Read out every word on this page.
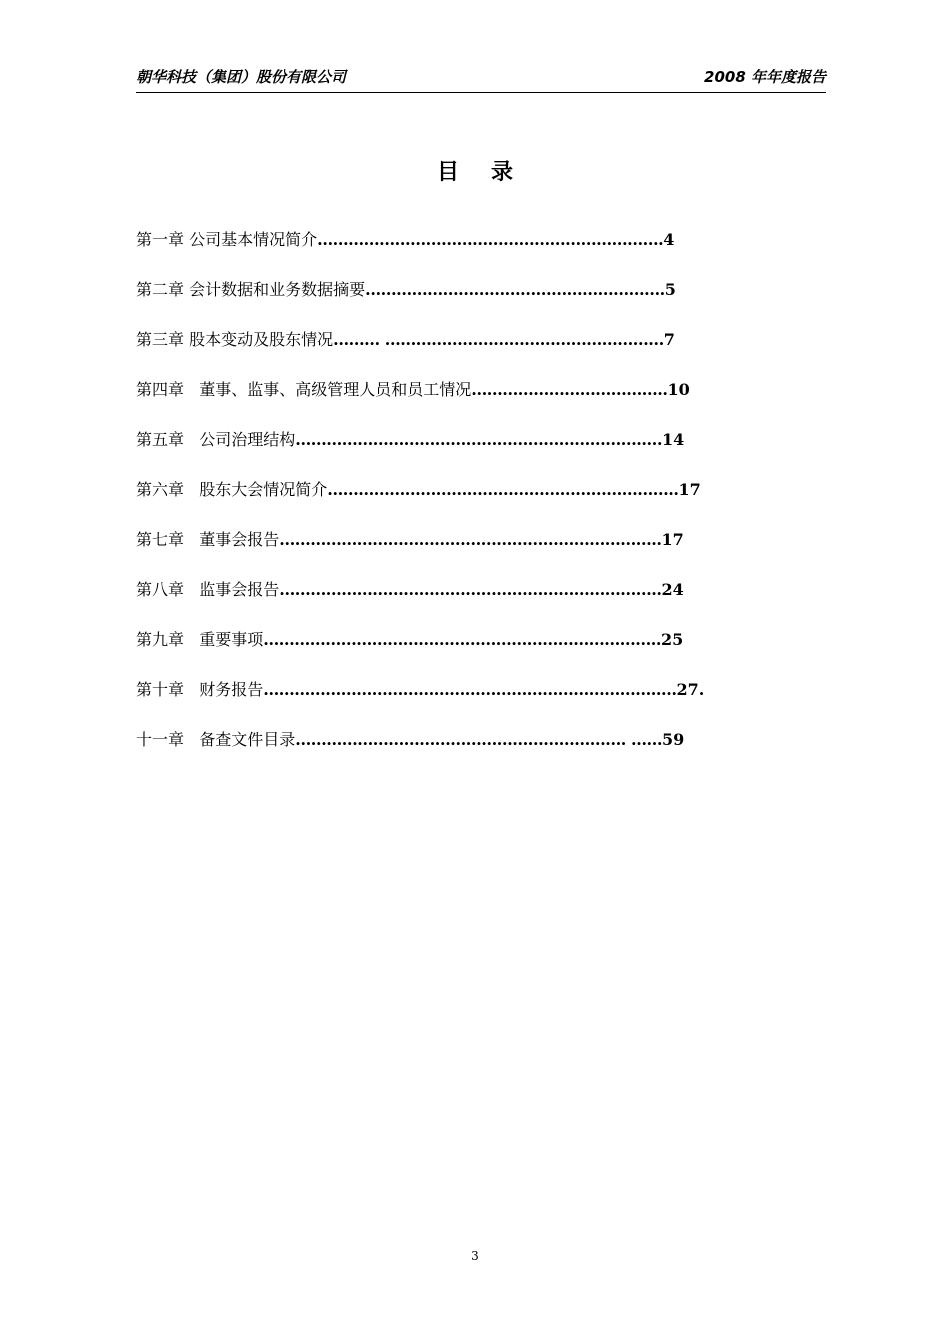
朝华科技（集团）股份有限公司	2008 年年度报告
目录
第一章 公司基本情况简介………………………………………………………….4
第二章 会计数据和业务数据摘要………………………………………………….5
第三章 股本变动及股东情况……… ………………………………………………7
第四章 董事、监事、高级管理人员和员工情况………………………………..10
第五章 公司治理结构…………………………………………………………..…14
第六章 股东大会情况简介…………………………………………………………..17
第七章 董事会报告………………………………………………………………..17
第八章 监事会报告………………………………………………………………..24
第九章 重要事项…………………………………………………………………..25
第十章 财务报告…………………………………………………………………..…27.
十一章 备查文件目录………………………………………………………. ……59
3
